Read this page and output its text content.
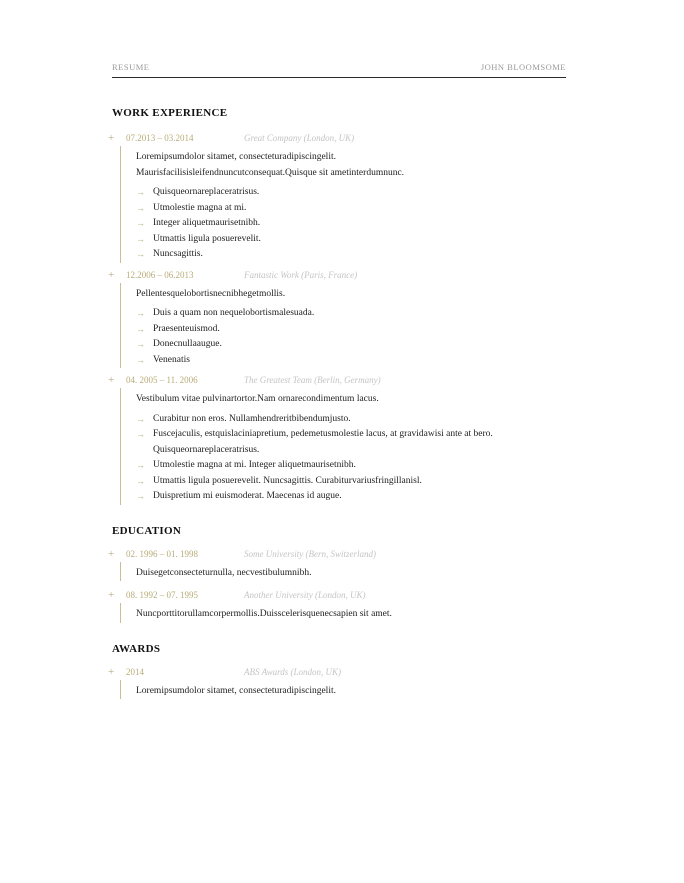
RESUME	JOHN BLOOMSOME
WORK EXPERIENCE
+	07.2013 – 03.2014	Great Company (London, UK)

Loremipsumdolor sitamet, consecteturadipiscingelit.

Maurisfacilisisleifendnuncutconsequat.Quisque sit ametinterdumnunc.

→ Quisqueornareplaceratrisus.
→ Utmolestie magna at mi.
→ Integer aliquetmaurisetnibh.
→ Utmattis ligula posuerevelit.
→ Nuncsagittis.
+	12.2006 – 06.2013	Fantastic Work (Paris, France)

Pellentesquelobortisnecnibhegetmollis.

→ Duis a quam non nequelobortismalesuada.
→ Praesenteuismod.
→ Donecnullaaugue.
→ Venenatis
+	04. 2005 – 11. 2006	The Greatest Team (Berlin, Germany)

Vestibulum vitae pulvinartortor.Nam ornarecondimentum lacus.

→ Curabitur non eros. Nullamhendreritbibendumjusto.
→ Fuscejaculis, estquislaciniapretium, pedemetusmolestie lacus, at gravidawisi ante at bero. Quisqueornareplaceratrisus.
→ Utmolestie magna at mi. Integer aliquetmaurisetnibh.
→ Utmattis ligula posuerevelit. Nuncsagittis. Curabiturvariusfringillanisl.
→ Duispretium mi euismoderat. Maecenas id augue.
EDUCATION
+	02. 1996 – 01. 1998	Some University (Bern, Switzerland)

Duisegetconsecteturnulla, necvestibulumnibh.

+	08. 1992 – 07. 1995	Another University (London, UK)

Nuncporttitorullamcorpermollis.Duisscelerisquenecsapien sit amet.

AWARDS
+	2014	ABS Awards (London, UK)

Loremipsumdolor sitamet, consecteturadipiscingelit.
